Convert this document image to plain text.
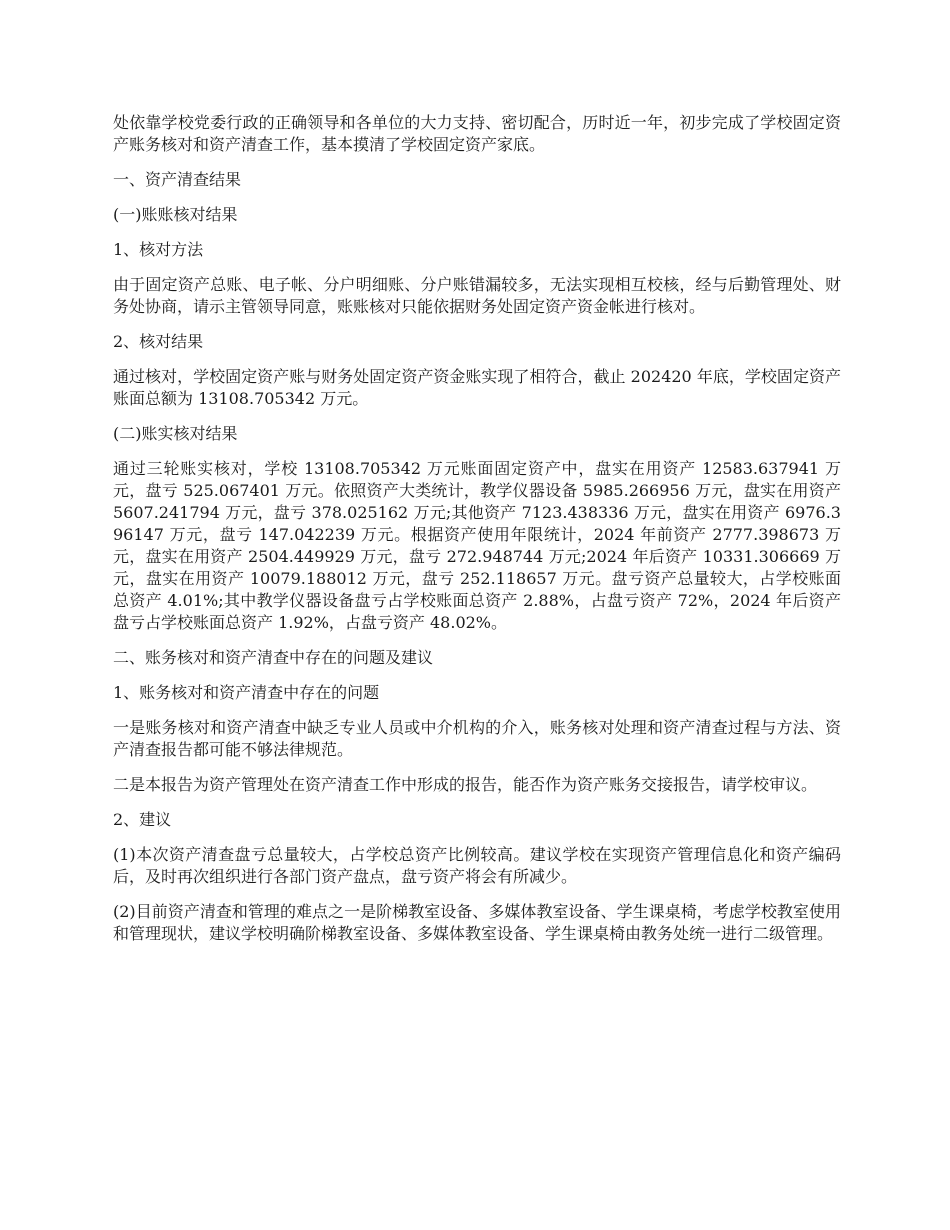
处依靠学校党委行政的正确领导和各单位的大力支持、密切配合，历时近一年，初步完成了学校固定资产账务核对和资产清查工作，基本摸清了学校固定资产家底。

一、资产清查结果

(一)账账核对结果

1、核对方法

由于固定资产总账、电子帐、分户明细账、分户账错漏较多，无法实现相互校核，经与后勤管理处、财务处协商，请示主管领导同意，账账核对只能依据财务处固定资产资金帐进行核对。

2、核对结果

通过核对，学校固定资产账与财务处固定资产资金账实现了相符合，截止 202420 年底，学校固定资产账面总额为 13108.705342 万元。

(二)账实核对结果

通过三轮账实核对，学校 13108.705342 万元账面固定资产中，盘实在用资产 12583.637941 万元，盘亏 525.067401 万元。依照资产大类统计，教学仪器设备 5985.266956 万元，盘实在用资产 5607.241794 万元，盘亏 378.025162 万元;其他资产 7123.438336 万元，盘实在用资产 6976.396147 万元，盘亏 147.042239 万元。根据资产使用年限统计，2024 年前资产 2777.398673 万元，盘实在用资产 2504.449929 万元，盘亏 272.948744 万元;2024 年后资产 10331.306669 万元，盘实在用资产 10079.188012 万元，盘亏 252.118657 万元。盘亏资产总量较大，占学校账面总资产 4.01%;其中教学仪器设备盘亏占学校账面总资产 2.88%，占盘亏资产 72%，2024 年后资产盘亏占学校账面总资产 1.92%，占盘亏资产 48.02%。

二、账务核对和资产清查中存在的问题及建议

1、账务核对和资产清查中存在的问题

一是账务核对和资产清查中缺乏专业人员或中介机构的介入，账务核对处理和资产清查过程与方法、资产清查报告都可能不够法律规范。

二是本报告为资产管理处在资产清查工作中形成的报告，能否作为资产账务交接报告，请学校审议。

2、建议

(1)本次资产清查盘亏总量较大，占学校总资产比例较高。建议学校在实现资产管理信息化和资产编码后，及时再次组织进行各部门资产盘点，盘亏资产将会有所减少。

(2)目前资产清查和管理的难点之一是阶梯教室设备、多媒体教室设备、学生课桌椅，考虑学校教室使用和管理现状，建议学校明确阶梯教室设备、多媒体教室设备、学生课桌椅由教务处统一进行二级管理。
